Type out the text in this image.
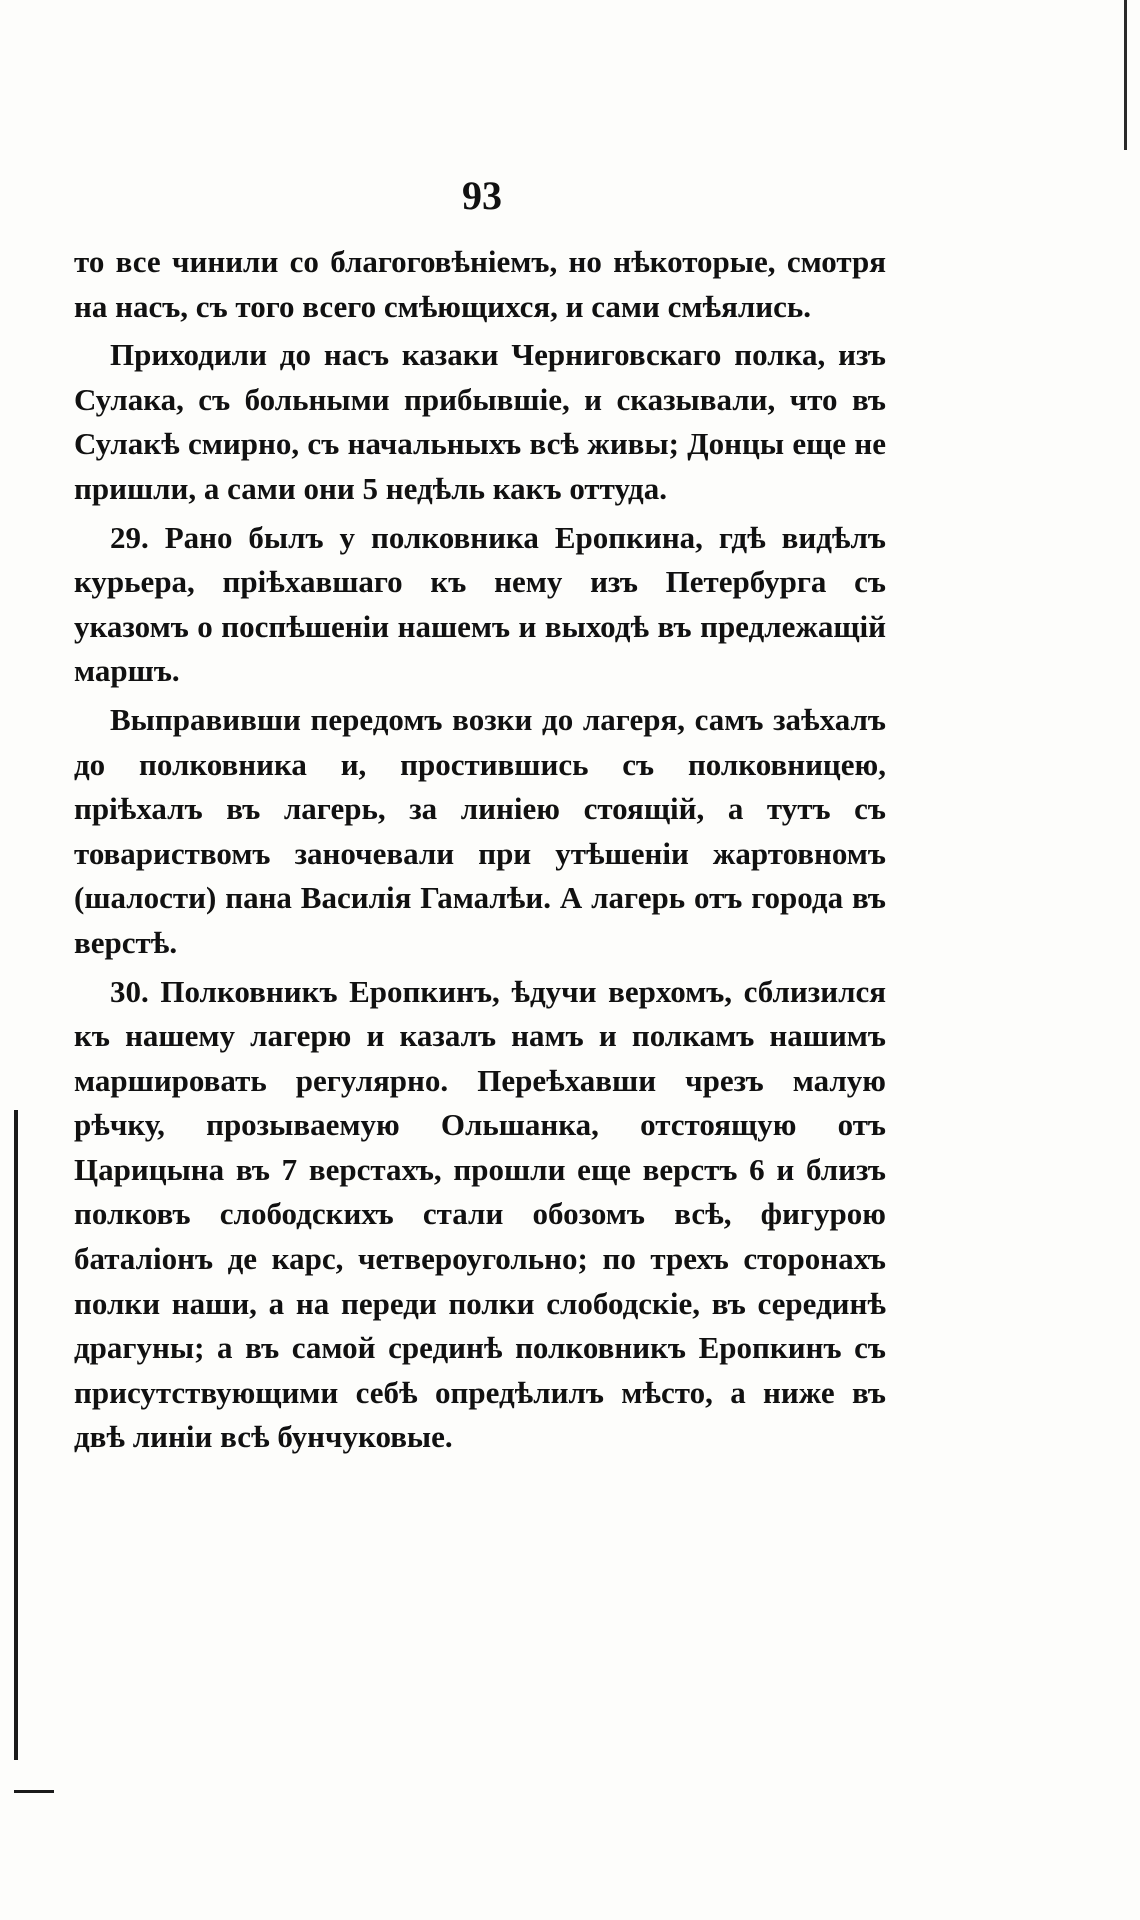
93

то все чинили со благоговѣніемъ, но нѣкоторые, смотря на насъ, съ того всего смѣющихся, и сами смѣялись.

Приходили до насъ казаки Черниговскаго полка, изъ Сулака, съ больными прибывшіе, и сказывали, что въ Сулакѣ смирно, съ начальныхъ всѣ живы; Донцы еще не пришли, а сами они 5 недѣль какъ оттуда.

29. Рано былъ у полковника Еропкина, гдѣ видѣлъ курьера, пріѣхавшаго къ нему изъ Петербурга съ указомъ о поспѣшеніи нашемъ и выходѣ въ предлежащій маршъ.

Выправивши передомъ возки до лагеря, самъ заѣхалъ до полковника и, простившись съ полковницею, пріѣхалъ въ лагерь, за линіею стоящій, а тутъ съ товариствомъ заночевали при утѣшеніи жартовномъ (шалости) пана Василія Гамалѣи. А лагерь отъ города въ верстѣ.

30. Полковникъ Еропкинъ, ѣдучи верхомъ, сблизился къ нашему лагерю и казалъ намъ и полкамъ нашимъ маршировать регулярно. Переѣхавши чрезъ малую рѣчку, прозываемую Ольшанка, отстоящую отъ Царицына въ 7 верстахъ, прошли еще верстъ 6 и близъ полковъ слободскихъ стали обозомъ всѣ, фигурою баталіонъ де карс, четвероугольно; по трехъ сторонахъ полки наши, а на переди полки слободскіе, въ серединѣ драгуны; а въ самой срединѣ полковникъ Еропкинъ съ присутствующими себѣ опредѣлилъ мѣсто, а ниже въ двѣ линіи всѣ бунчуковые.
